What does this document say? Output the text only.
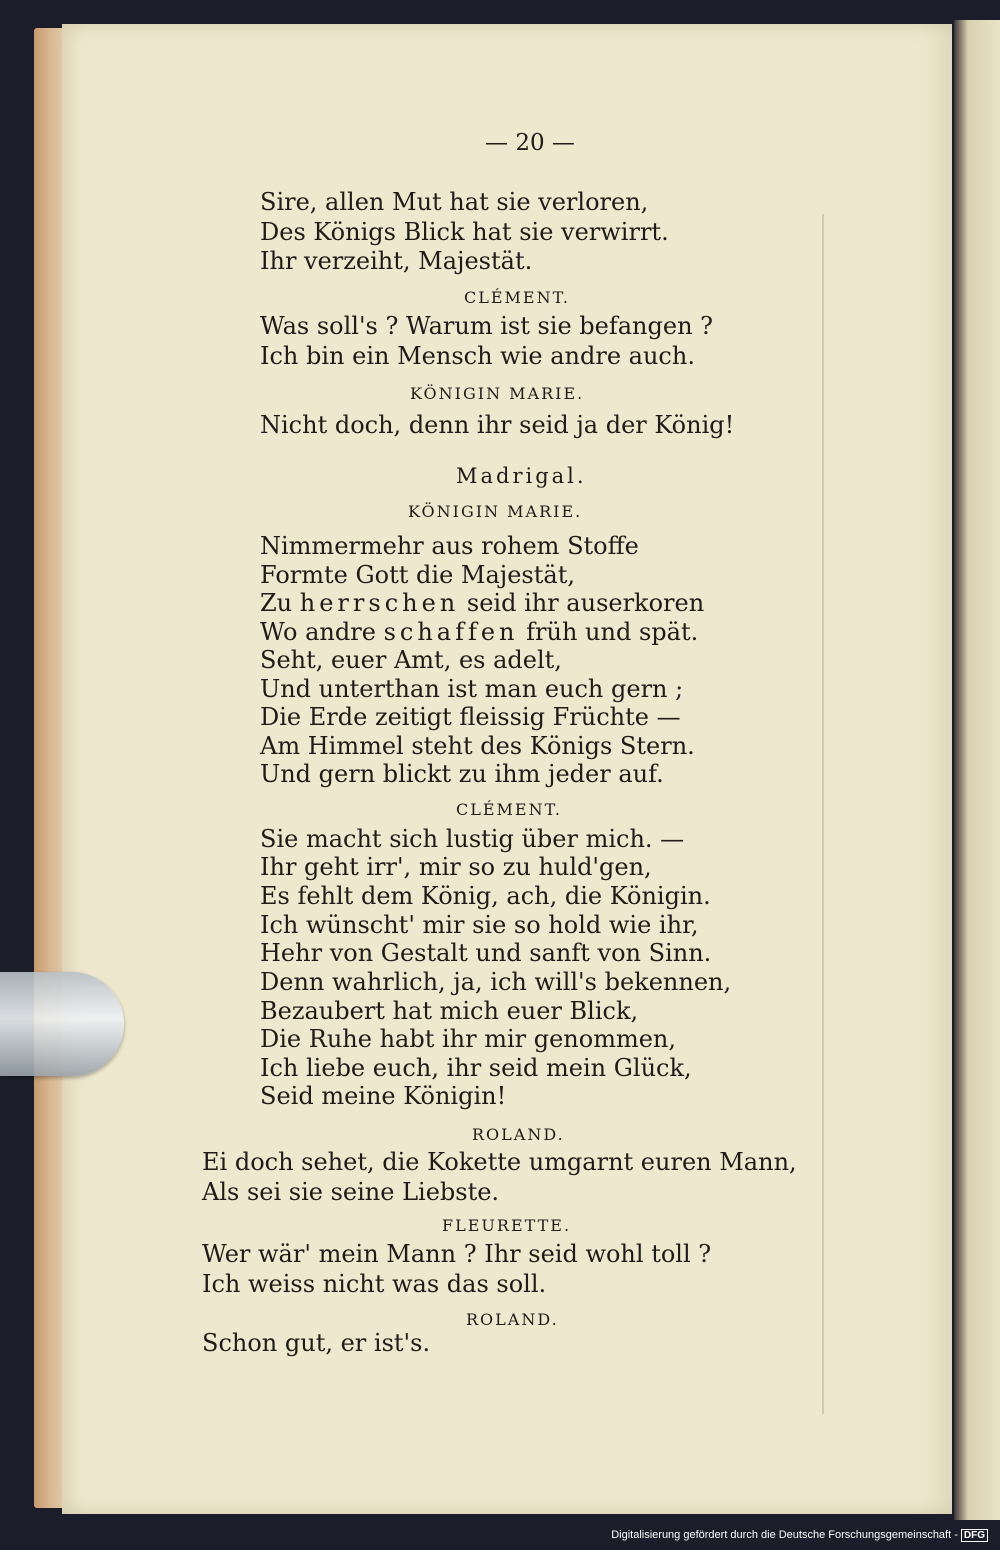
— 20 —
Sire, allen Mut hat sie verloren,
Des Königs Blick hat sie verwirrt.
Ihr verzeiht, Majestät.
CLÉMENT.
Was soll's ? Warum ist sie befangen ?
Ich bin ein Mensch wie andre auch.
KÖNIGIN MARIE.
Nicht doch, denn ihr seid ja der König!
Madrigal.
KÖNIGIN MARIE.
Nimmermehr aus rohem Stoffe
Formte Gott die Majestät,
Zu herrschen seid ihr auserkoren
Wo andre schaffen früh und spät.
Seht, euer Amt, es adelt,
Und unterthan ist man euch gern ;
Die Erde zeitigt fleissig Früchte —
Am Himmel steht des Königs Stern.
Und gern blickt zu ihm jeder auf.
CLÉMENT.
Sie macht sich lustig über mich. —
Ihr geht irr', mir so zu huld'gen,
Es fehlt dem König, ach, die Königin.
Ich wünscht' mir sie so hold wie ihr,
Hehr von Gestalt und sanft von Sinn.
Denn wahrlich, ja, ich will's bekennen,
Bezaubert hat mich euer Blick,
Die Ruhe habt ihr mir genommen,
Ich liebe euch, ihr seid mein Glück,
Seid meine Königin!
ROLAND.
Ei doch sehet, die Kokette umgarnt euren Mann,
Als sei sie seine Liebste.
FLEURETTE.
Wer wär' mein Mann ? Ihr seid wohl toll ?
Ich weiss nicht was das soll.
ROLAND.
Schon gut, er ist's.
Digitalisierung gefördert durch die Deutsche Forschungsgemeinschaft - DFG
